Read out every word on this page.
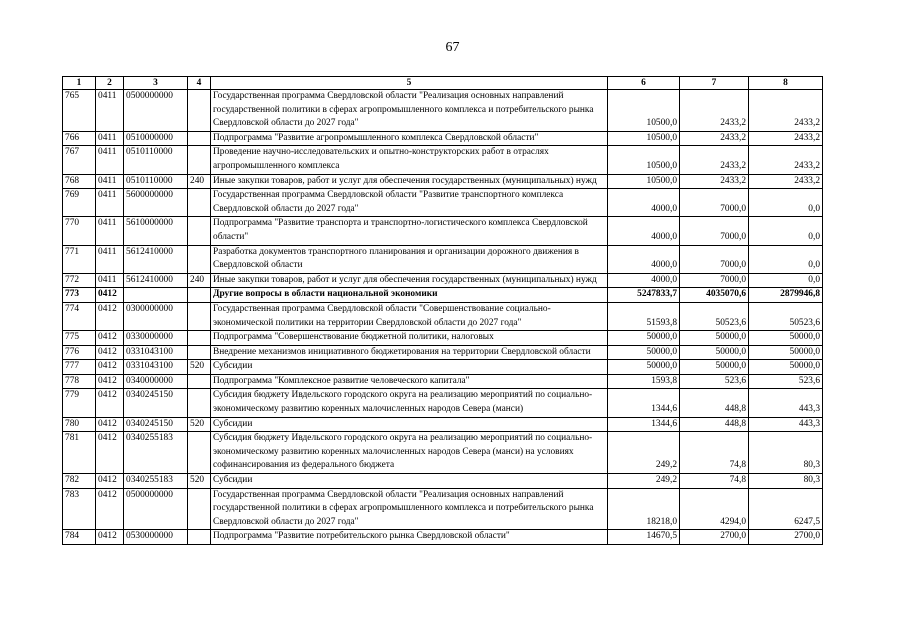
67
1	2	3	4	5	6	7	8
765	0411	0500000000		Государственная программа Свердловской области "Реализация основных направлений государственной политики в сферах агропромышленного комплекса и потребительского рынка Свердловской области до 2027 года"	10500,0	2433,2	2433,2
766	0411	0510000000		Подпрограмма "Развитие агропромышленного комплекса Свердловской области"	10500,0	2433,2	2433,2
767	0411	0510110000		Проведение научно-исследовательских и опытно-конструкторских работ в отраслях агропромышленного комплекса	10500,0	2433,2	2433,2
768	0411	0510110000	240	Иные закупки товаров, работ и услуг для обеспечения государственных (муниципальных) нужд	10500,0	2433,2	2433,2
769	0411	5600000000		Государственная программа Свердловской области "Развитие транспортного комплекса Свердловской области до 2027 года"	4000,0	7000,0	0,0
770	0411	5610000000		Подпрограмма "Развитие транспорта и транспортно-логистического комплекса Свердловской области"	4000,0	7000,0	0,0
771	0411	5612410000		Разработка документов транспортного планирования и организации дорожного движения в Свердловской области	4000,0	7000,0	0,0
772	0411	5612410000	240	Иные закупки товаров, работ и услуг для обеспечения государственных (муниципальных) нужд	4000,0	7000,0	0,0
773	0412			Другие вопросы в области национальной экономики	5247833,7	4035070,6	2879946,8
774	0412	0300000000		Государственная программа Свердловской области "Совершенствование социально-экономической политики на территории Свердловской области до 2027 года"	51593,8	50523,6	50523,6
775	0412	0330000000		Подпрограмма "Совершенствование бюджетной политики, налоговых	50000,0	50000,0	50000,0
776	0412	0331043100		Внедрение механизмов инициативного бюджетирования на территории Свердловской области	50000,0	50000,0	50000,0
777	0412	0331043100	520	Субсидии	50000,0	50000,0	50000,0
778	0412	0340000000		Подпрограмма "Комплексное развитие человеческого капитала"	1593,8	523,6	523,6
779	0412	0340245150		Субсидия бюджету Ивдельского городского округа на реализацию мероприятий по социально-экономическому развитию коренных малочисленных народов Севера (манси)	1344,6	448,8	443,3
780	0412	0340245150	520	Субсидии	1344,6	448,8	443,3
781	0412	0340255183		Субсидия бюджету Ивдельского городского округа на реализацию мероприятий по социально-экономическому развитию коренных малочисленных народов Севера (манси) на условиях софинансирования из федерального бюджета	249,2	74,8	80,3
782	0412	0340255183	520	Субсидии	249,2	74,8	80,3
783	0412	0500000000		Государственная программа Свердловской области "Реализация основных направлений государственной политики в сферах агропромышленного комплекса и потребительского рынка Свердловской области до 2027 года"	18218,0	4294,0	6247,5
784	0412	0530000000		Подпрограмма "Развитие потребительского рынка Свердловской области"	14670,5	2700,0	2700,0
